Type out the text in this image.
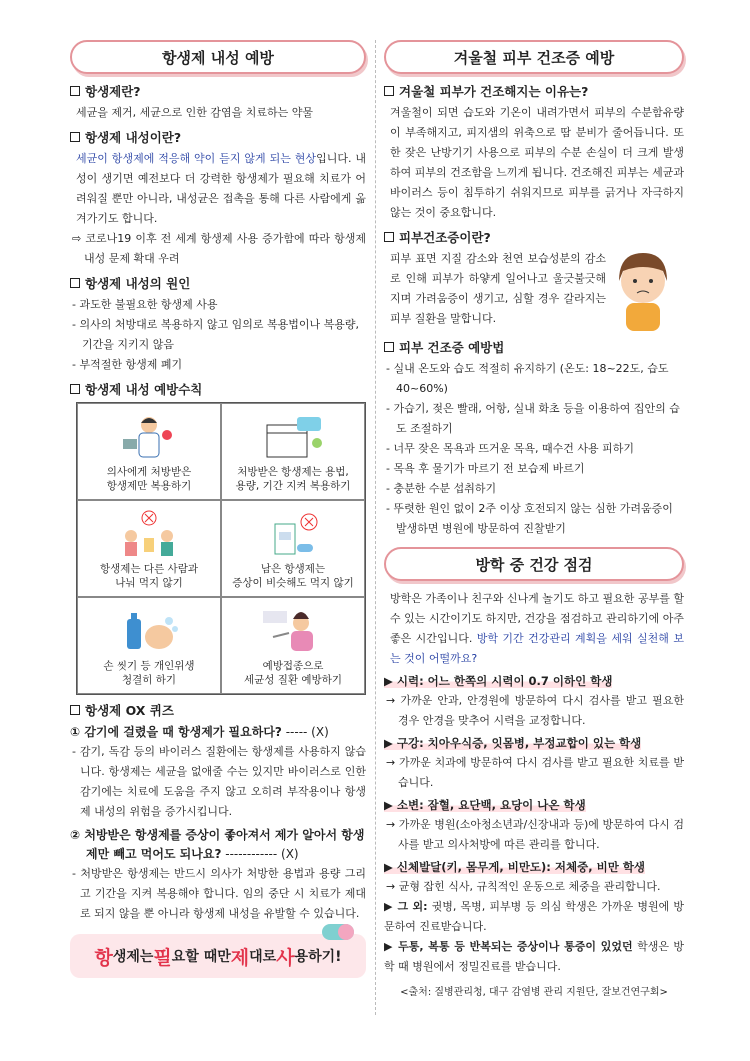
항생제 내성 예방
항생제란?
세균을 제거, 세균으로 인한 감염을 치료하는 약물
항생제 내성이란?
세균이 항생제에 적응해 약이 듣지 않게 되는 현상입니다. 내성이 생기면 예전보다 더 강력한 항생제가 필요해 치료가 어려워질 뿐만 아니라, 내성균은 접촉을 통해 다른 사람에게 옮겨가기도 합니다.
⇨ 코로나19 이후 전 세계 항생제 사용 증가함에 따라 항생제 내성 문제 확대 우려
항생제 내성의 원인
- 과도한 불필요한 항생제 사용
- 의사의 처방대로 복용하지 않고 임의로 복용법이나 복용량, 기간을 지키지 않음
- 부적절한 항생제 폐기
항생제 내성 예방수칙
의사에게 처방받은
항생제만 복용하기
처방받은 항생제는 용법,
용량, 기간 지켜 복용하기
항생제는 다른 사람과
나눠 먹지 않기
남은 항생제는
증상이 비슷해도 먹지 않기
손 씻기 등 개인위생
청결히 하기
예방접종으로
세균성 질환 예방하기
항생제 OX 퀴즈
① 감기에 걸렸을 때 항생제가 필요하다? ----- (X)
- 감기, 독감 등의 바이러스 질환에는 항생제를 사용하지 않습니다. 항생제는 세균을 없애줄 수는 있지만 바이러스로 인한 감기에는 치료에 도움을 주지 않고 오히려 부작용이나 항생제 내성의 위험을 증가시킵니다.
② 처방받은 항생제를 증상이 좋아져서 제가 알아서 항생제만 빼고 먹어도 되나요? ------------ (X)
- 처방받은 항생제는 반드시 의사가 처방한 용법과 용량 그리고 기간을 지켜 복용해야 합니다. 임의 중단 시 치료가 제대로 되지 않을 뿐 아니라 항생제 내성을 유발할 수 있습니다.
항 생제는 필 요할 때만 제 대로 사 용하기!
겨울철 피부 건조증 예방
겨울철 피부가 건조해지는 이유는?
겨울철이 되면 습도와 기온이 내려가면서 피부의 수분함유량이 부족해지고, 피지샘의 위축으로 땀 분비가 줄어듭니다. 또한 잦은 난방기기 사용으로 피부의 수분 손실이 더 크게 발생하여 피부의 건조함을 느끼게 됩니다. 건조해진 피부는 세균과 바이러스 등이 침투하기 쉬워지므로 피부를 긁거나 자극하지 않는 것이 중요합니다.
피부건조증이란?
피부 표면 지질 감소와 천연 보습성분의 감소로 인해 피부가 하얗게 일어나고 울긋불긋해지며 가려움증이 생기고, 심할 경우 갈라지는 피부 질환을 말합니다.
피부 건조증 예방법
- 실내 온도와 습도 적절히 유지하기 (온도: 18~22도, 습도 40~60%)
- 가습기, 젖은 빨래, 어항, 실내 화초 등을 이용하여 집안의 습도 조절하기
- 너무 잦은 목욕과 뜨거운 목욕, 때수건 사용 피하기
- 목욕 후 물기가 마르기 전 보습제 바르기
- 충분한 수분 섭취하기
- 뚜렷한 원인 없이 2주 이상 호전되지 않는 심한 가려움증이 발생하면 병원에 방문하여 진찰받기
방학 중 건강 점검
방학은 가족이나 친구와 신나게 놀기도 하고 필요한 공부를 할 수 있는 시간이기도 하지만, 건강을 점검하고 관리하기에 아주 좋은 시간입니다. 방학 기간 건강관리 계획을 세워 실천해 보는 것이 어떨까요?
▶ 시력: 어느 한쪽의 시력이 0.7 이하인 학생
→ 가까운 안과, 안경원에 방문하여 다시 검사를 받고 필요한 경우 안경을 맞추어 시력을 교정합니다.
▶ 구강: 치아우식증, 잇몸병, 부정교합이 있는 학생
→ 가까운 치과에 방문하여 다시 검사를 받고 필요한 치료를 받습니다.
▶ 소변: 잠혈, 요단백, 요당이 나온 학생
→ 가까운 병원(소아청소년과/신장내과 등)에 방문하여 다시 검사를 받고 의사처방에 따른 관리를 합니다.
▶ 신체발달(키, 몸무게, 비만도): 저체중, 비만 학생
→ 균형 잡힌 식사, 규칙적인 운동으로 체중을 관리합니다.
▶ 그 외: 귓병, 목병, 피부병 등 의심 학생은 가까운 병원에 방문하여 진료받습니다.
▶ 두통, 복통 등 반복되는 증상이나 통증이 있었던 학생은 방학 때 병원에서 정밀진료를 받습니다.
<출처: 질병관리청, 대구 감염병 관리 지원단, 잘보건연구회>
